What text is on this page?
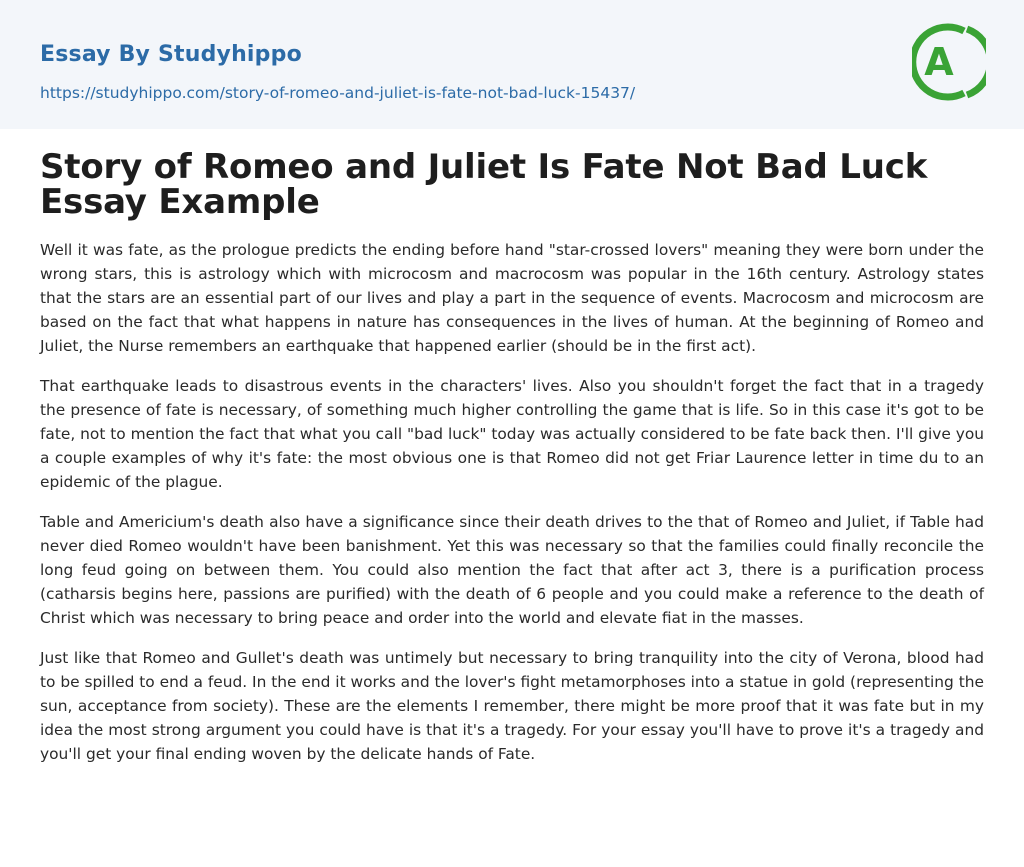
Essay By Studyhippo
https://studyhippo.com/story-of-romeo-and-juliet-is-fate-not-bad-luck-15437/
A
Story of Romeo and Juliet Is Fate Not Bad Luck Essay Example

Well it was fate, as the prologue predicts the ending before hand "star-crossed lovers" meaning they were born under the wrong stars, this is astrology which with microcosm and macrocosm was popular in the 16th century. Astrology states that the stars are an essential part of our lives and play a part in the sequence of events. Macrocosm and microcosm are based on the fact that what happens in nature has consequences in the lives of human. At the beginning of Romeo and Juliet, the Nurse remembers an earthquake that happened earlier (should be in the first act).

That earthquake leads to disastrous events in the characters' lives. Also you shouldn't forget the fact that in a tragedy the presence of fate is necessary, of something much higher controlling the game that is life. So in this case it's got to be fate, not to mention the fact that what you call "bad luck" today was actually considered to be fate back then. I'll give you a couple examples of why it's fate: the most obvious one is that Romeo did not get Friar Laurence letter in time du to an epidemic of the plague.

Table and Americium's death also have a significance since their death drives to the that of Romeo and Juliet, if Table had never died Romeo wouldn't have been banishment. Yet this was necessary so that the families could finally reconcile the long feud going on between them. You could also mention the fact that after act 3, there is a purification process (catharsis begins here, passions are purified) with the death of 6 people and you could make a reference to the death of Christ which was necessary to bring peace and order into the world and elevate fiat in the masses.

Just like that Romeo and Gullet's death was untimely but necessary to bring tranquility into the city of Verona, blood had to be spilled to end a feud. In the end it works and the lover's fight metamorphoses into a statue in gold (representing the sun, acceptance from society). These are the elements I remember, there might be more proof that it was fate but in my idea the most strong argument you could have is that it's a tragedy. For your essay you'll have to prove it's a tragedy and you'll get your final ending woven by the delicate hands of Fate.
